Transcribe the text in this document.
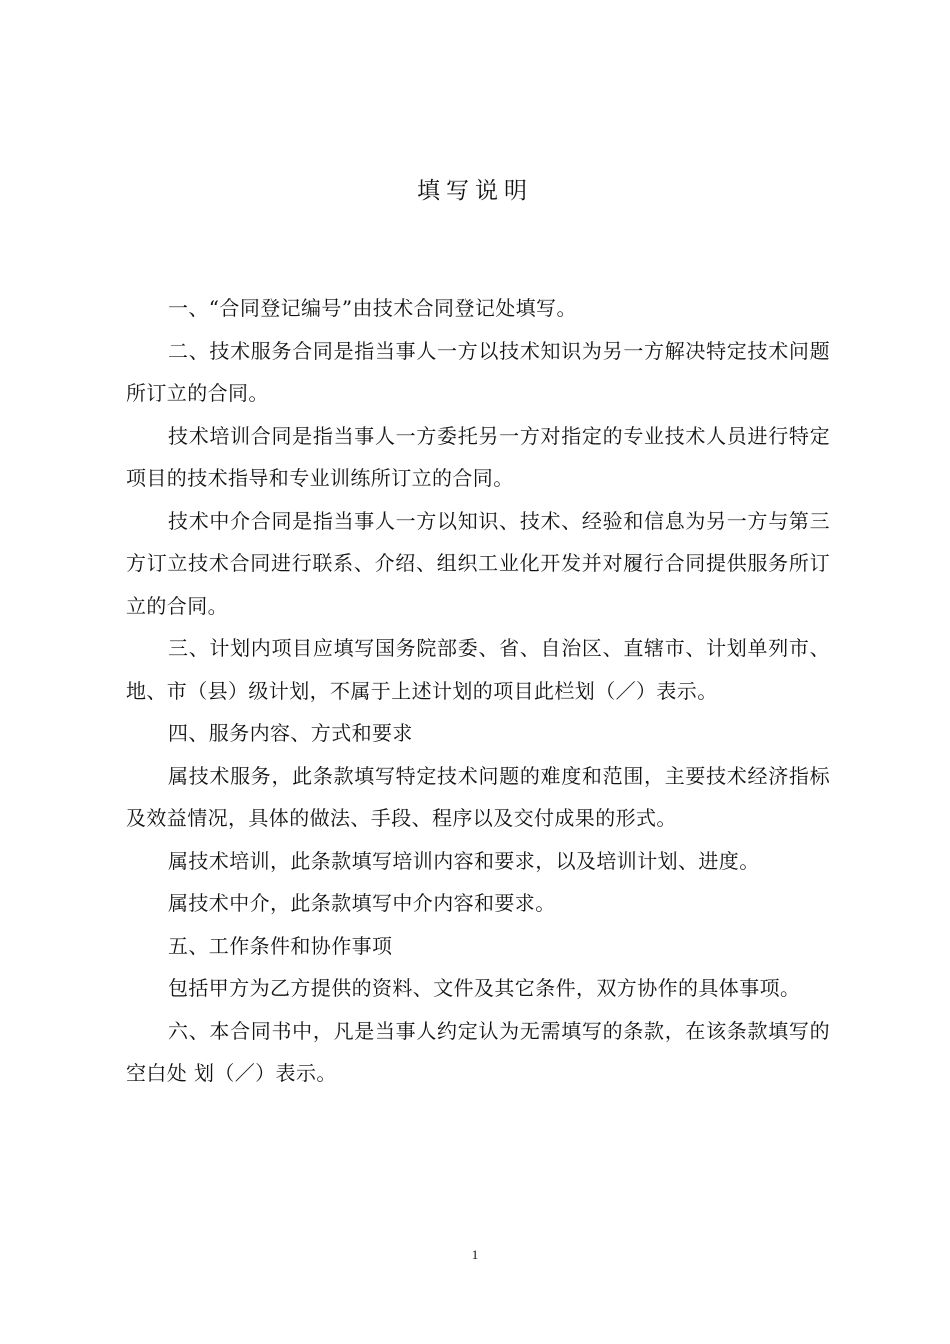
填写说明

一、“合同登记编号”由技术合同登记处填写。

二、技术服务合同是指当事人一方以技术知识为另一方解决特定技术问题所订立的合同。

技术培训合同是指当事人一方委托另一方对指定的专业技术人员进行特定项目的技术指导和专业训练所订立的合同。

技术中介合同是指当事人一方以知识、技术、经验和信息为另一方与第三方订立技术合同进行联系、介绍、组织工业化开发并对履行合同提供服务所订立的合同。

三、计划内项目应填写国务院部委、省、自治区、直辖市、计划单列市、地、市（县）级计划，不属于上述计划的项目此栏划（／）表示。

四、服务内容、方式和要求

属技术服务，此条款填写特定技术问题的难度和范围，主要技术经济指标及效益情况，具体的做法、手段、程序以及交付成果的形式。

属技术培训，此条款填写培训内容和要求，以及培训计划、进度。

属技术中介，此条款填写中介内容和要求。

五、工作条件和协作事项

包括甲方为乙方提供的资料、文件及其它条件，双方协作的具体事项。

六、本合同书中，凡是当事人约定认为无需填写的条款，在该条款填写的空白处 划（／）表示。

1
